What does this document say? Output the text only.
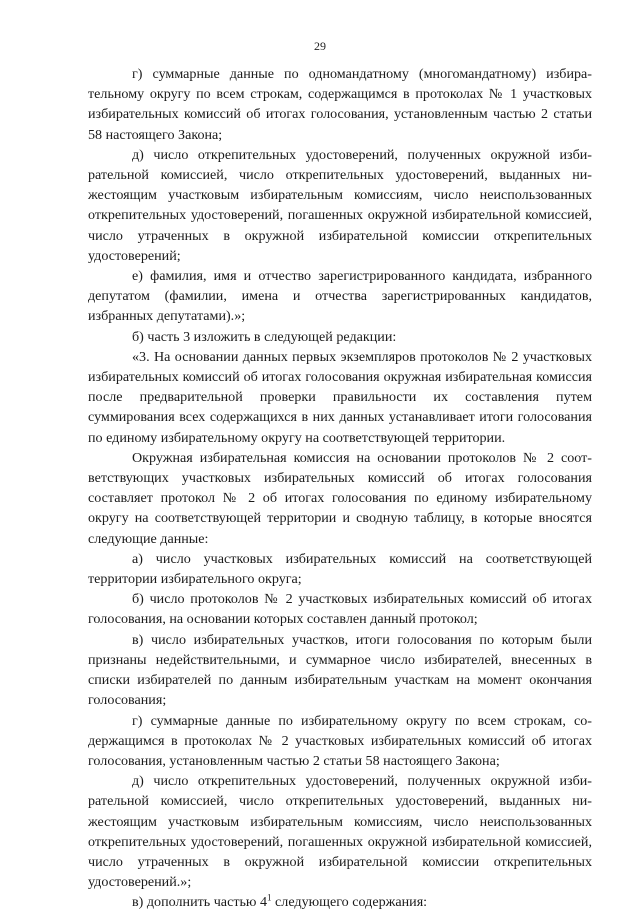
29

г) суммарные данные по одномандатному (многомандатному) избирательному округу по всем строкам, содержащимся в протоколах № 1 участковых избирательных комиссий об итогах голосования, установленным частью 2 статьи 58 настоящего Закона;

д) число открепительных удостоверений, полученных окружной избирательной комиссией, число открепительных удостоверений, выданных нижестоящим участковым избирательным комиссиям, число неиспользованных открепительных удостоверений, погашенных окружной избирательной комиссией, число утраченных в окружной избирательной комиссии открепительных удостоверений;

е) фамилия, имя и отчество зарегистрированного кандидата, избранного депутатом (фамилии, имена и отчества зарегистрированных кандидатов, избранных депутатами).»;

б) часть 3 изложить в следующей редакции:

«3. На основании данных первых экземпляров протоколов № 2 участковых избирательных комиссий об итогах голосования окружная избирательная комиссия после предварительной проверки правильности их составления путем суммирования всех содержащихся в них данных устанавливает итоги голосования по единому избирательному округу на соответствующей территории.

Окружная избирательная комиссия на основании протоколов № 2 соответствующих участковых избирательных комиссий об итогах голосования составляет протокол № 2 об итогах голосования по единому избирательному округу на соответствующей территории и сводную таблицу, в которые вносятся следующие данные:

а) число участковых избирательных комиссий на соответствующей территории избирательного округа;

б) число протоколов № 2 участковых избирательных комиссий об итогах голосования, на основании которых составлен данный протокол;

в) число избирательных участков, итоги голосования по которым были признаны недействительными, и суммарное число избирателей, внесенных в списки избирателей по данным избирательным участкам на момент окончания голосования;

г) суммарные данные по избирательному округу по всем строкам, содержащимся в протоколах № 2 участковых избирательных комиссий об итогах голосования, установленным частью 2 статьи 58 настоящего Закона;

д) число открепительных удостоверений, полученных окружной избирательной комиссией, число открепительных удостоверений, выданных нижестоящим участковым избирательным комиссиям, число неиспользованных открепительных удостоверений, погашенных окружной избирательной комиссией, число утраченных в окружной избирательной комиссии открепительных удостоверений.»;

в) дополнить частью $4^1$ следующего содержания:
